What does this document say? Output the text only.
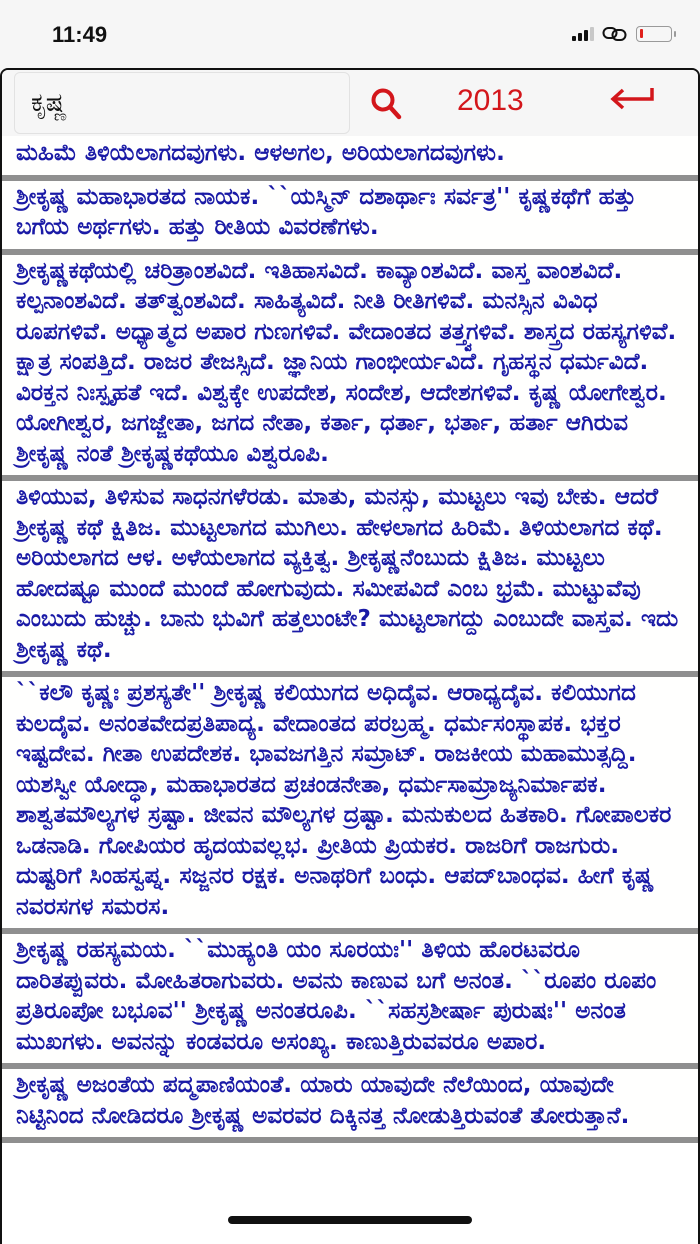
11:49
ಕೃಷ್ಣ	2013

ಮಹಿಮೆ ತಿಳಿಯೆಲಾಗದವುಗಳು. ಆಳಅಗಲ, ಅರಿಯಲಾಗದವುಗಳು.

ಶ್ರೀಕೃಷ್ಣ ಮಹಾಭಾರತದ ನಾಯಕ. ``ಯಸ್ಮಿನ್ ದಶಾರ್ಥಾಃ ಸರ್ವತ್ರ'' ಕೃಷ್ಣಕಥೆಗೆ ಹತ್ತು ಬಗೆಯ ಅರ್ಥಗಳು. ಹತ್ತು ರೀತಿಯ ವಿವರಣೆಗಳು.

ಶ್ರೀಕೃಷ್ಣಕಥೆಯಲ್ಲಿ ಚರಿತ್ರಾಂಶವಿದೆ. ಇತಿಹಾಸವಿದೆ. ಕಾವ್ಯಾಂಶವಿದೆ. ವಾಸ್ತ ವಾಂಶವಿದೆ. ಕಲ್ಪನಾಂಶವಿದೆ. ತತ್‌ತ್ವಂಶವಿದೆ. ಸಾಹಿತ್ಯವಿದೆ. ನೀತಿ ರೀತಿಗಳಿವೆ. ಮನಸ್ಸಿನ ವಿವಿಧ ರೂಪಗಳಿವೆ. ಅಧ್ಯಾತ್ಮದ ಅಪಾರ ಗುಣಗಳಿವೆ. ವೇದಾಂತದ ತತ್ತ್ವಗಳಿವೆ. ಶಾಸ್ತ್ರದ ರಹಸ್ಯಗಳಿವೆ. ಕ್ಷಾತ್ರ ಸಂಪತ್ತಿದೆ. ರಾಜರ ತೇಜಸ್ಸಿದೆ. ಜ್ಞಾನಿಯ ಗಾಂಭೀರ್ಯವಿದೆ. ಗೃಹಸ್ಥನ ಧರ್ಮವಿದೆ. ವಿರಕ್ತನ ನಿಃಸ್ಪೃಹತೆ ಇದೆ. ವಿಶ್ವಕ್ಕೇ ಉಪದೇಶ, ಸಂದೇಶ, ಆದೇಶಗಳಿವೆ. ಕೃಷ್ಣ ಯೋಗೇಶ್ವರ. ಯೋಗೀಶ್ವರ, ಜಗಜ್ಜೇತಾ, ಜಗದ ನೇತಾ, ಕರ್ತಾ, ಧರ್ತಾ, ಭರ್ತಾ, ಹರ್ತಾ ಆಗಿರುವ ಶ್ರೀಕೃಷ್ಣ ನಂತೆ ಶ್ರೀಕೃಷ್ಣಕಥೆಯೂ ವಿಶ್ವರೂಪಿ.

ತಿಳಿಯುವ, ತಿಳಿಸುವ ಸಾಧನಗಳೆರಡು. ಮಾತು, ಮನಸ್ಸು, ಮುಟ್ಟಲು ಇವು ಬೇಕು. ಆದರೆ ಶ್ರೀಕೃಷ್ಣ ಕಥೆ ಕ್ಷಿತಿಜ. ಮುಟ್ಟಲಾಗದ ಮುಗಿಲು. ಹೇಳಲಾಗದ ಹಿರಿಮೆ. ತಿಳಿಯಲಾಗದ ಕಥೆ. ಅರಿಯಲಾಗದ ಆಳ. ಅಳೆಯಲಾಗದ ವ್ಯಕ್ತಿತ್ವ. ಶ್ರೀಕೃಷ್ಣನೆಂಬುದು ಕ್ಷಿತಿಜ. ಮುಟ್ಟಲು ಹೋದಷ್ಟೂ ಮುಂದೆ ಮುಂದೆ ಹೋಗುವುದು. ಸಮೀಪವಿದೆ ಎಂಬ ಭ್ರಮೆ. ಮುಟ್ಟುವೆವು ಎಂಬುದು ಹುಚ್ಚು. ಬಾನು ಭುವಿಗೆ ಹತ್ತಲುಂಟೇ? ಮುಟ್ಟಲಾಗದ್ದು ಎಂಬುದೇ ವಾಸ್ತವ. ಇದು ಶ್ರೀಕೃಷ್ಣ ಕಥೆ.

``ಕಲೌ ಕೃಷ್ಣಃ ಪ್ರಶಸ್ಯತೇ'' ಶ್ರೀಕೃಷ್ಣ ಕಲಿಯುಗದ ಅಧಿದೈವ. ಆರಾಧ್ಯದೈವ. ಕಲಿಯುಗದ ಕುಲದೈವ. ಅನಂತವೇದಪ್ರತಿಪಾದ್ಯ. ವೇದಾಂತದ ಪರಬ್ರಹ್ಮ. ಧರ್ಮಸಂಸ್ಥಾಪಕ. ಭಕ್ತರ ಇಷ್ಟದೇವ. ಗೀತಾ ಉಪದೇಶಕ. ಭಾವಜಗತ್ತಿನ ಸಮ್ರಾಟ್. ರಾಜಕೀಯ ಮಹಾಮುತ್ಸದ್ದಿ. ಯಶಸ್ವೀ ಯೋದ್ಧಾ, ಮಹಾಭಾರತದ ಪ್ರಚಂಡನೇತಾ, ಧರ್ಮಸಾಮ್ರಾಜ್ಯನಿರ್ಮಾಪಕ. ಶಾಶ್ವತಮೌಲ್ಯಗಳ ಸ್ರಷ್ಟಾ. ಜೀವನ ಮೌಲ್ಯಗಳ ದ್ರಷ್ಟಾ. ಮನುಕುಲದ ಹಿತಕಾರಿ. ಗೋಪಾಲಕರ ಒಡನಾಡಿ. ಗೋಪಿಯರ ಹೃದಯವಲ್ಲಭ. ಪ್ರೀತಿಯ ಪ್ರಿಯಕರ. ರಾಜರಿಗೆ ರಾಜಗುರು. ದುಷ್ಟರಿಗೆ ಸಿಂಹಸ್ವಪ್ನ. ಸಜ್ಜನರ ರಕ್ಷಕ. ಅನಾಥರಿಗೆ ಬಂಧು. ಆಪದ್‌ಬಾಂಧವ. ಹೀಗೆ ಕೃಷ್ಣ ನವರಸಗಳ ಸಮರಸ.

ಶ್ರೀಕೃಷ್ಣ ರಹಸ್ಯಮಯ. ``ಮುಹ್ಯಂತಿ ಯಂ ಸೂರಯಃ'' ತಿಳಿಯ ಹೊರಟವರೂ ದಾರಿತಪ್ಪುವರು. ಮೋಹಿತರಾಗುವರು. ಅವನು ಕಾಣುವ ಬಗೆ ಅನಂತ. ``ರೂಪಂ ರೂಪಂ ಪ್ರತಿರೂಪೋ ಬಭೂವ'' ಶ್ರೀಕೃಷ್ಣ ಅನಂತರೂಪಿ. ``ಸಹಸ್ರಶೀರ್ಷಾ ಪುರುಷಃ'' ಅನಂತ ಮುಖಗಳು. ಅವನನ್ನು ಕಂಡವರೂ ಅಸಂಖ್ಯ. ಕಾಣುತ್ತಿರುವವರೂ ಅಪಾರ.

ಶ್ರೀಕೃಷ್ಣ ಅಜಂತೆಯ ಪದ್ಮಪಾಣಿಯಂತೆ. ಯಾರು ಯಾವುದೇ ನೆಲೆಯಿಂದ, ಯಾವುದೇ ನಿಟ್ಟಿನಿಂದ ನೋಡಿದರೂ ಶ್ರೀಕೃಷ್ಣ ಅವರವರ ದಿಕ್ಕಿನತ್ತ ನೋಡುತ್ತಿರುವಂತೆ ತೋರುತ್ತಾನೆ.
